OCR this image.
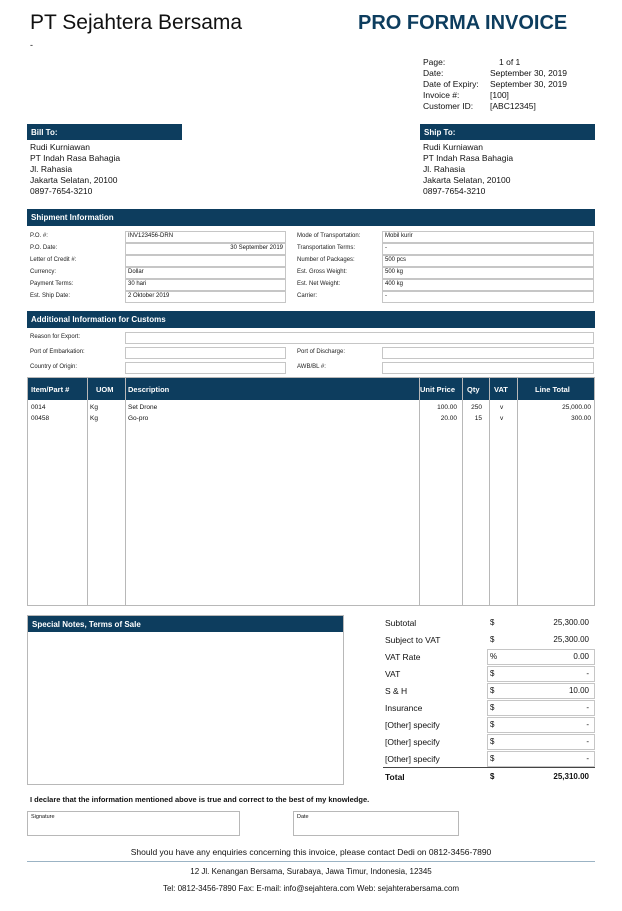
PT Sejahtera Bersama
-
PRO FORMA INVOICE
Page:	1 of 1
Date:	September 30, 2019
Date of Expiry: September 30, 2019
Invoice #:	[100]
Customer ID: [ABC12345]
Bill To:
Rudi Kurniawan
PT Indah Rasa Bahagia
Jl. Rahasia
Jakarta Selatan, 20100
0897-7654-3210
Ship To:
Rudi Kurniawan
PT Indah Rasa Bahagia
Jl. Rahasia
Jakarta Selatan, 20100
0897-7654-3210
Shipment Information
P.O. #:	INV123456-DRN
P.O. Date:	30 September 2019
Letter of Credit #:
Currency:	Dollar
Payment Terms:	30 hari
Est. Ship Date:	2 Oktober 2019
Mode of Transportation:	Mobil kurir
Transportation Terms:	-
Number of Packages:	500 pcs
Est. Gross Weight:	500 kg
Est. Net Weight:	400 kg
Carrier:	-
Additional Information for Customs
Reason for Export:
Port of Embarkation:	Port of Discharge:
Country of Origin:	AWB/BL #:
Item/Part #	UOM Description	Unit Price Qty VAT	Line Total
0014	Kg	Set Drone	100.00	250	v	25,000.00
00458	Kg	Go-pro	20.00	15	v	300.00
Special Notes, Terms of Sale	Subtotal	$	25,300.00
Subject to VAT	$	25,300.00
VAT Rate	%	0.00
VAT	$	-
S & H	$	10.00
Insurance	$	-
[Other] specify	$	-
[Other] specify	$	-
[Other] specify	$	-
Total	$	25,310.00
I declare that the information mentioned above is true and correct to the best of my knowledge.
Signature	Date
Should you have any enquiries concerning this invoice, please contact Dedi on 0812-3456-7890
12 Jl. Kenangan Bersama, Surabaya, Jawa Timur, Indonesia, 12345
Tel: 0812-3456-7890 Fax: E-mail: info@sejahtera.com Web: sejahterabersama.com
